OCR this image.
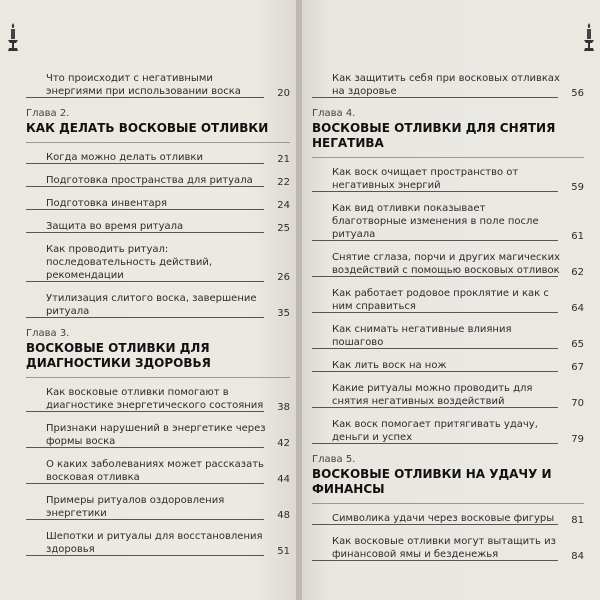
Что происходит с негативными энергиями при использовании воска	20
Глава 2.
КАК ДЕЛАТЬ ВОСКОВЫЕ ОТЛИВКИ
Когда можно делать отливки	21
Подготовка пространства для ритуала	22
Подготовка инвентаря	24
Защита во время ритуала	25
Как проводить ритуал: последовательность действий, рекомендации	26
Утилизация слитого воска, завершение ритуала	35
Глава 3.
ВОСКОВЫЕ ОТЛИВКИ ДЛЯ ДИАГНОСТИКИ ЗДОРОВЬЯ
Как восковые отливки помогают в диагностике энергетического состояния 38
Признаки нарушений в энергетике через формы воска	42
О каких заболеваниях может рассказать восковая отливка	44
Примеры ритуалов оздоровления энергетики	48
Шепотки и ритуалы для восстановления здоровья	51
Как защитить себя при восковых отливках на здоровье	56
Глава 4.
ВОСКОВЫЕ ОТЛИВКИ ДЛЯ СНЯТИЯ НЕГАТИВА
Как воск очищает пространство от негативных энергий	59
Как вид отливки показывает благотворные изменения в поле после ритуала	61
Снятие сглаза, порчи и других магических воздействий с помощью восковых отливок 62
Как работает родовое проклятие и как с ним справиться	64
Как снимать негативные влияния пошагово	65
Как лить воск на нож	67
Какие ритуалы можно проводить для снятия негативных воздействий	70
Как воск помогает притягивать удачу, деньги и успех	79
Глава 5.
ВОСКОВЫЕ ОТЛИВКИ НА УДАЧУ И ФИНАНСЫ
Символика удачи через восковые фигуры	81
Как восковые отливки могут вытащить из финансовой ямы и безденежья	84
